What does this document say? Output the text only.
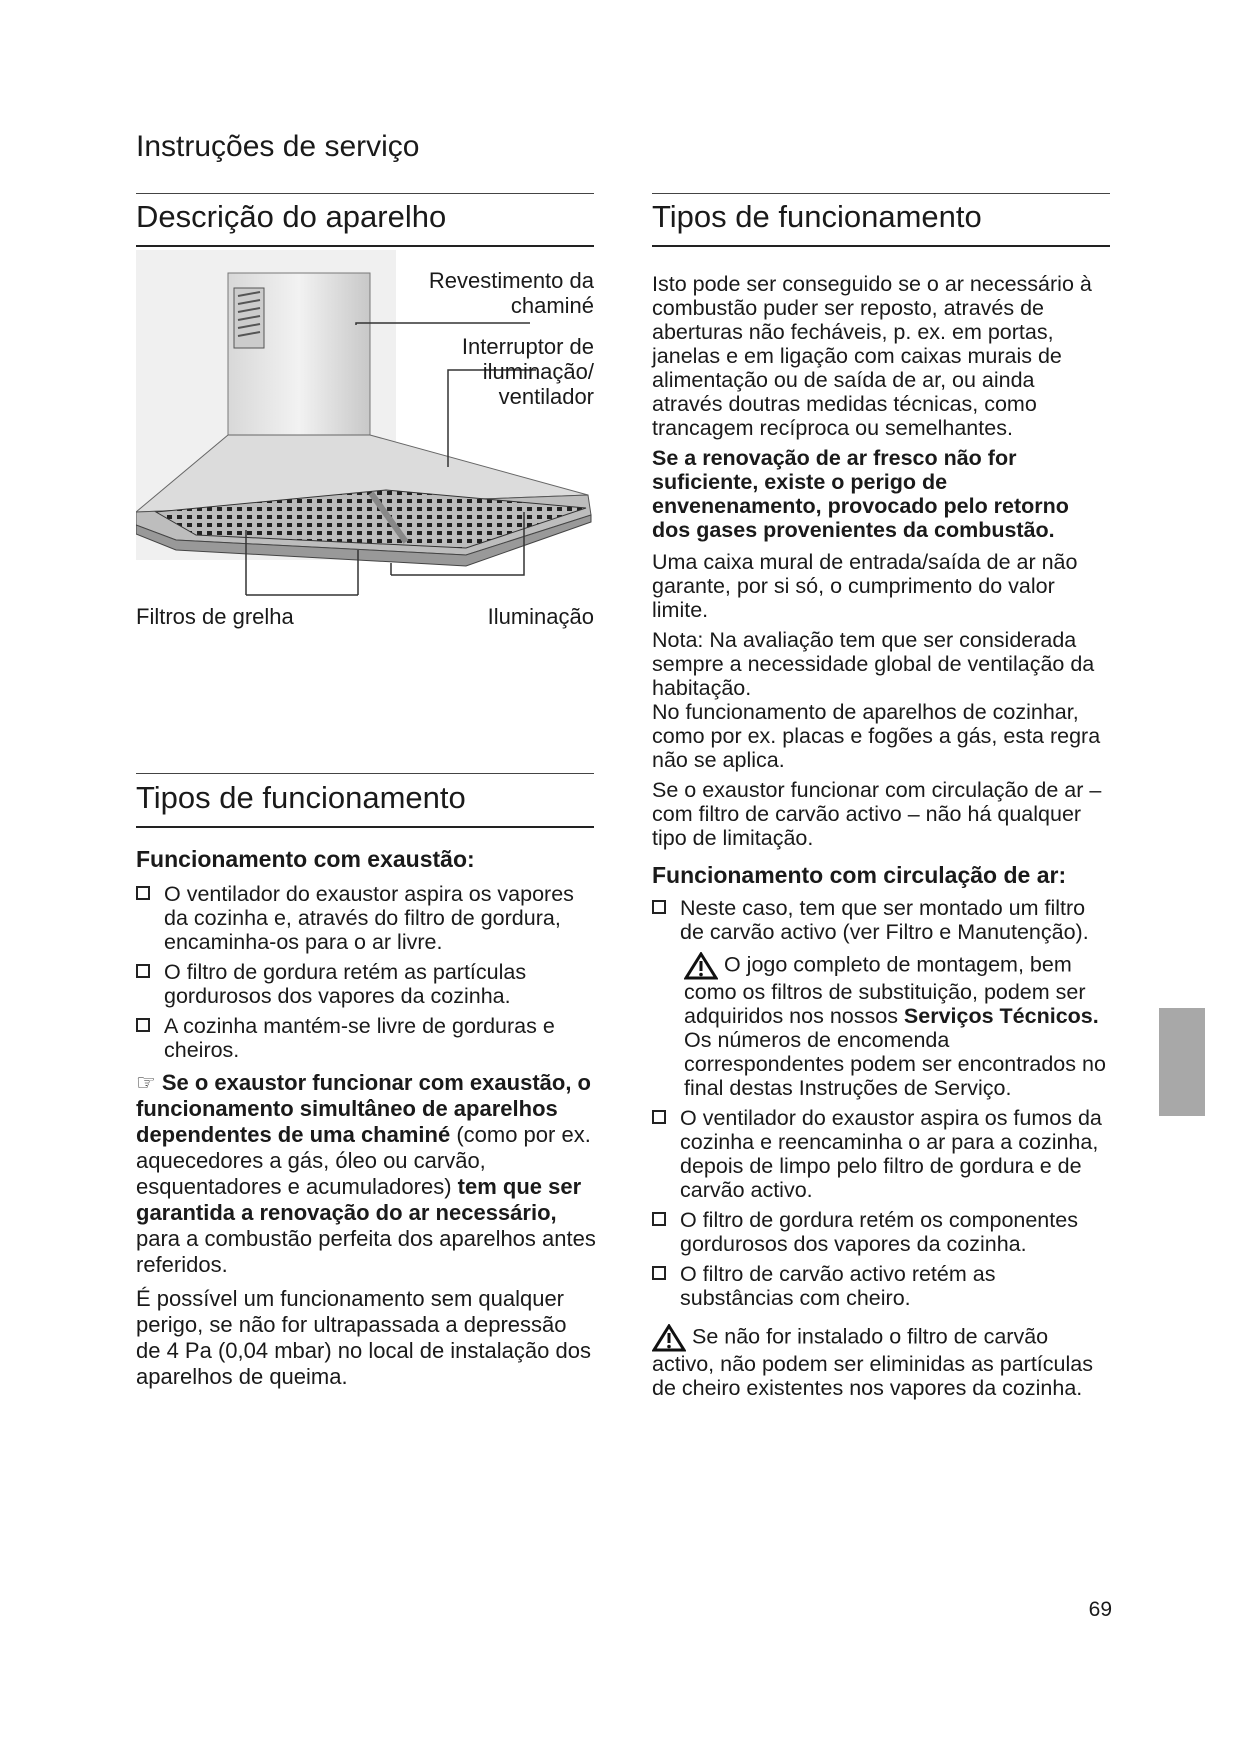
Instruções de serviço
Descrição do aparelho
Revestimento da chaminé
Interruptor de iluminação/ ventilador
Filtros de grelha	Iluminação
Tipos de funcionamento
Funcionamento com exaustão:
O ventilador do exaustor aspira os vapores da cozinha e, através do filtro de gordura, encaminha-os para o ar livre.
O filtro de gordura retém as partículas gordurosos dos vapores da cozinha.
A cozinha mantém-se livre de gorduras e cheiros.
☞ Se o exaustor funcionar com exaustão, o funcionamento simultâneo de aparelhos dependentes de uma chaminé (como por ex. aquecedores a gás, óleo ou carvão, esquentadores e acumuladores) tem que ser garantida a renovação do ar necessário, para a combustão perfeita dos aparelhos antes referidos.
É possível um funcionamento sem qualquer perigo, se não for ultrapassada a depressão de 4 Pa (0,04 mbar) no local de instalação dos aparelhos de queima.
Tipos de funcionamento
Isto pode ser conseguido se o ar necessário à combustão puder ser reposto, através de aberturas não fecháveis, p. ex. em portas, janelas e em ligação com caixas murais de alimentação ou de saída de ar, ou ainda através doutras medidas técnicas, como trancagem recíproca ou semelhantes.
Se a renovação de ar fresco não for suficiente, existe o perigo de envenenamento, provocado pelo retorno dos gases provenientes da combustão.
Uma caixa mural de entrada/saída de ar não garante, por si só, o cumprimento do valor limite.
Nota: Na avaliação tem que ser considerada sempre a necessidade global de ventilação da habitação.
No funcionamento de aparelhos de cozinhar, como por ex. placas e fogões a gás, esta regra não se aplica.
Se o exaustor funcionar com circulação de ar – com filtro de carvão activo – não há qualquer tipo de limitação.
Funcionamento com circulação de ar:
Neste caso, tem que ser montado um filtro de carvão activo (ver Filtro e Manutenção).
O jogo completo de montagem, bem como os filtros de substituição, podem ser adquiridos nos nossos Serviços Técnicos.
Os números de encomenda correspondentes podem ser encontrados no final destas Instruções de Serviço.
O ventilador do exaustor aspira os fumos da cozinha e reencaminha o ar para a cozinha, depois de limpo pelo filtro de gordura e de carvão activo.
O filtro de gordura retém os componentes gordurosos dos vapores da cozinha.
O filtro de carvão activo retém as substâncias com cheiro.
Se não for instalado o filtro de carvão activo, não podem ser eliminidas as partículas de cheiro existentes nos vapores da cozinha.
69
